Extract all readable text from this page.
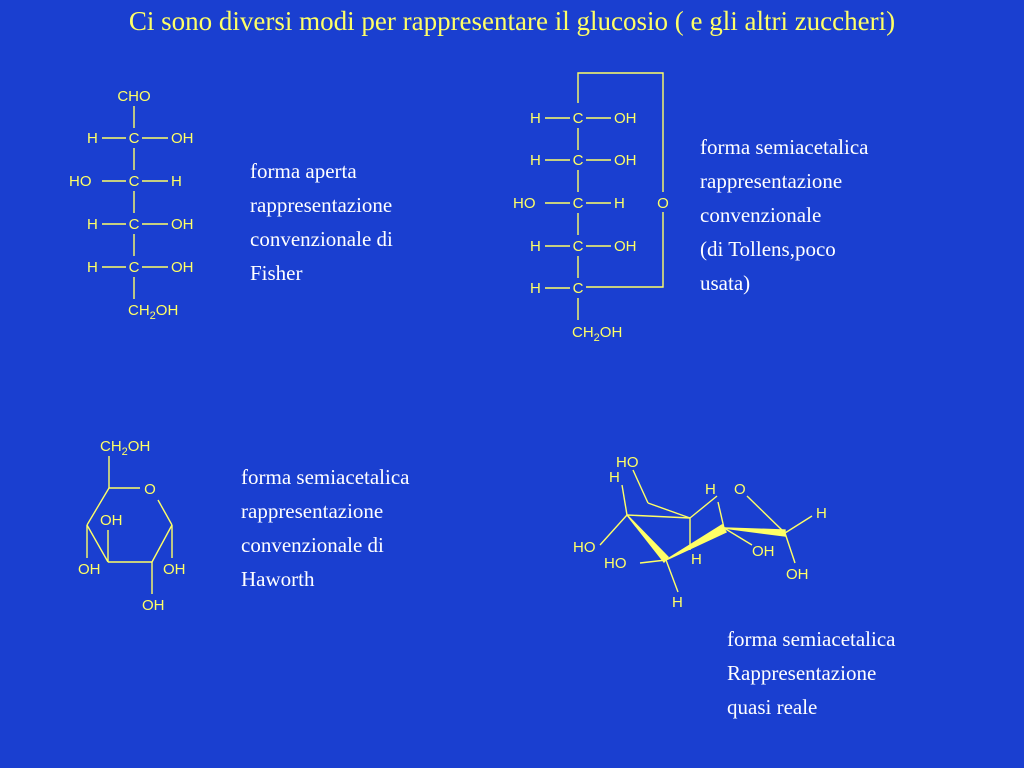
Ci sono diversi modi per rappresentare il glucosio ( e gli altri zuccheri)
CHO
H C OH
HO C H
H C OH
H C OH
$CH_2OH$
forma aperta
rappresentazione
convenzionale di
Fisher
O
H C OH
H C OH
HO C H
H C OH
H C
$CH_2OH$
forma semiacetalica
rappresentazione
convenzionale
(di Tollens,poco
usata)
$CH_2OH$
O
OH
OH	OH
OH
forma semiacetalica
rappresentazione
convenzionale di
Haworth
HO
H
H O
H
HO
HO	H	OH
OH
H
forma semiacetalica
Rappresentazione
quasi reale
